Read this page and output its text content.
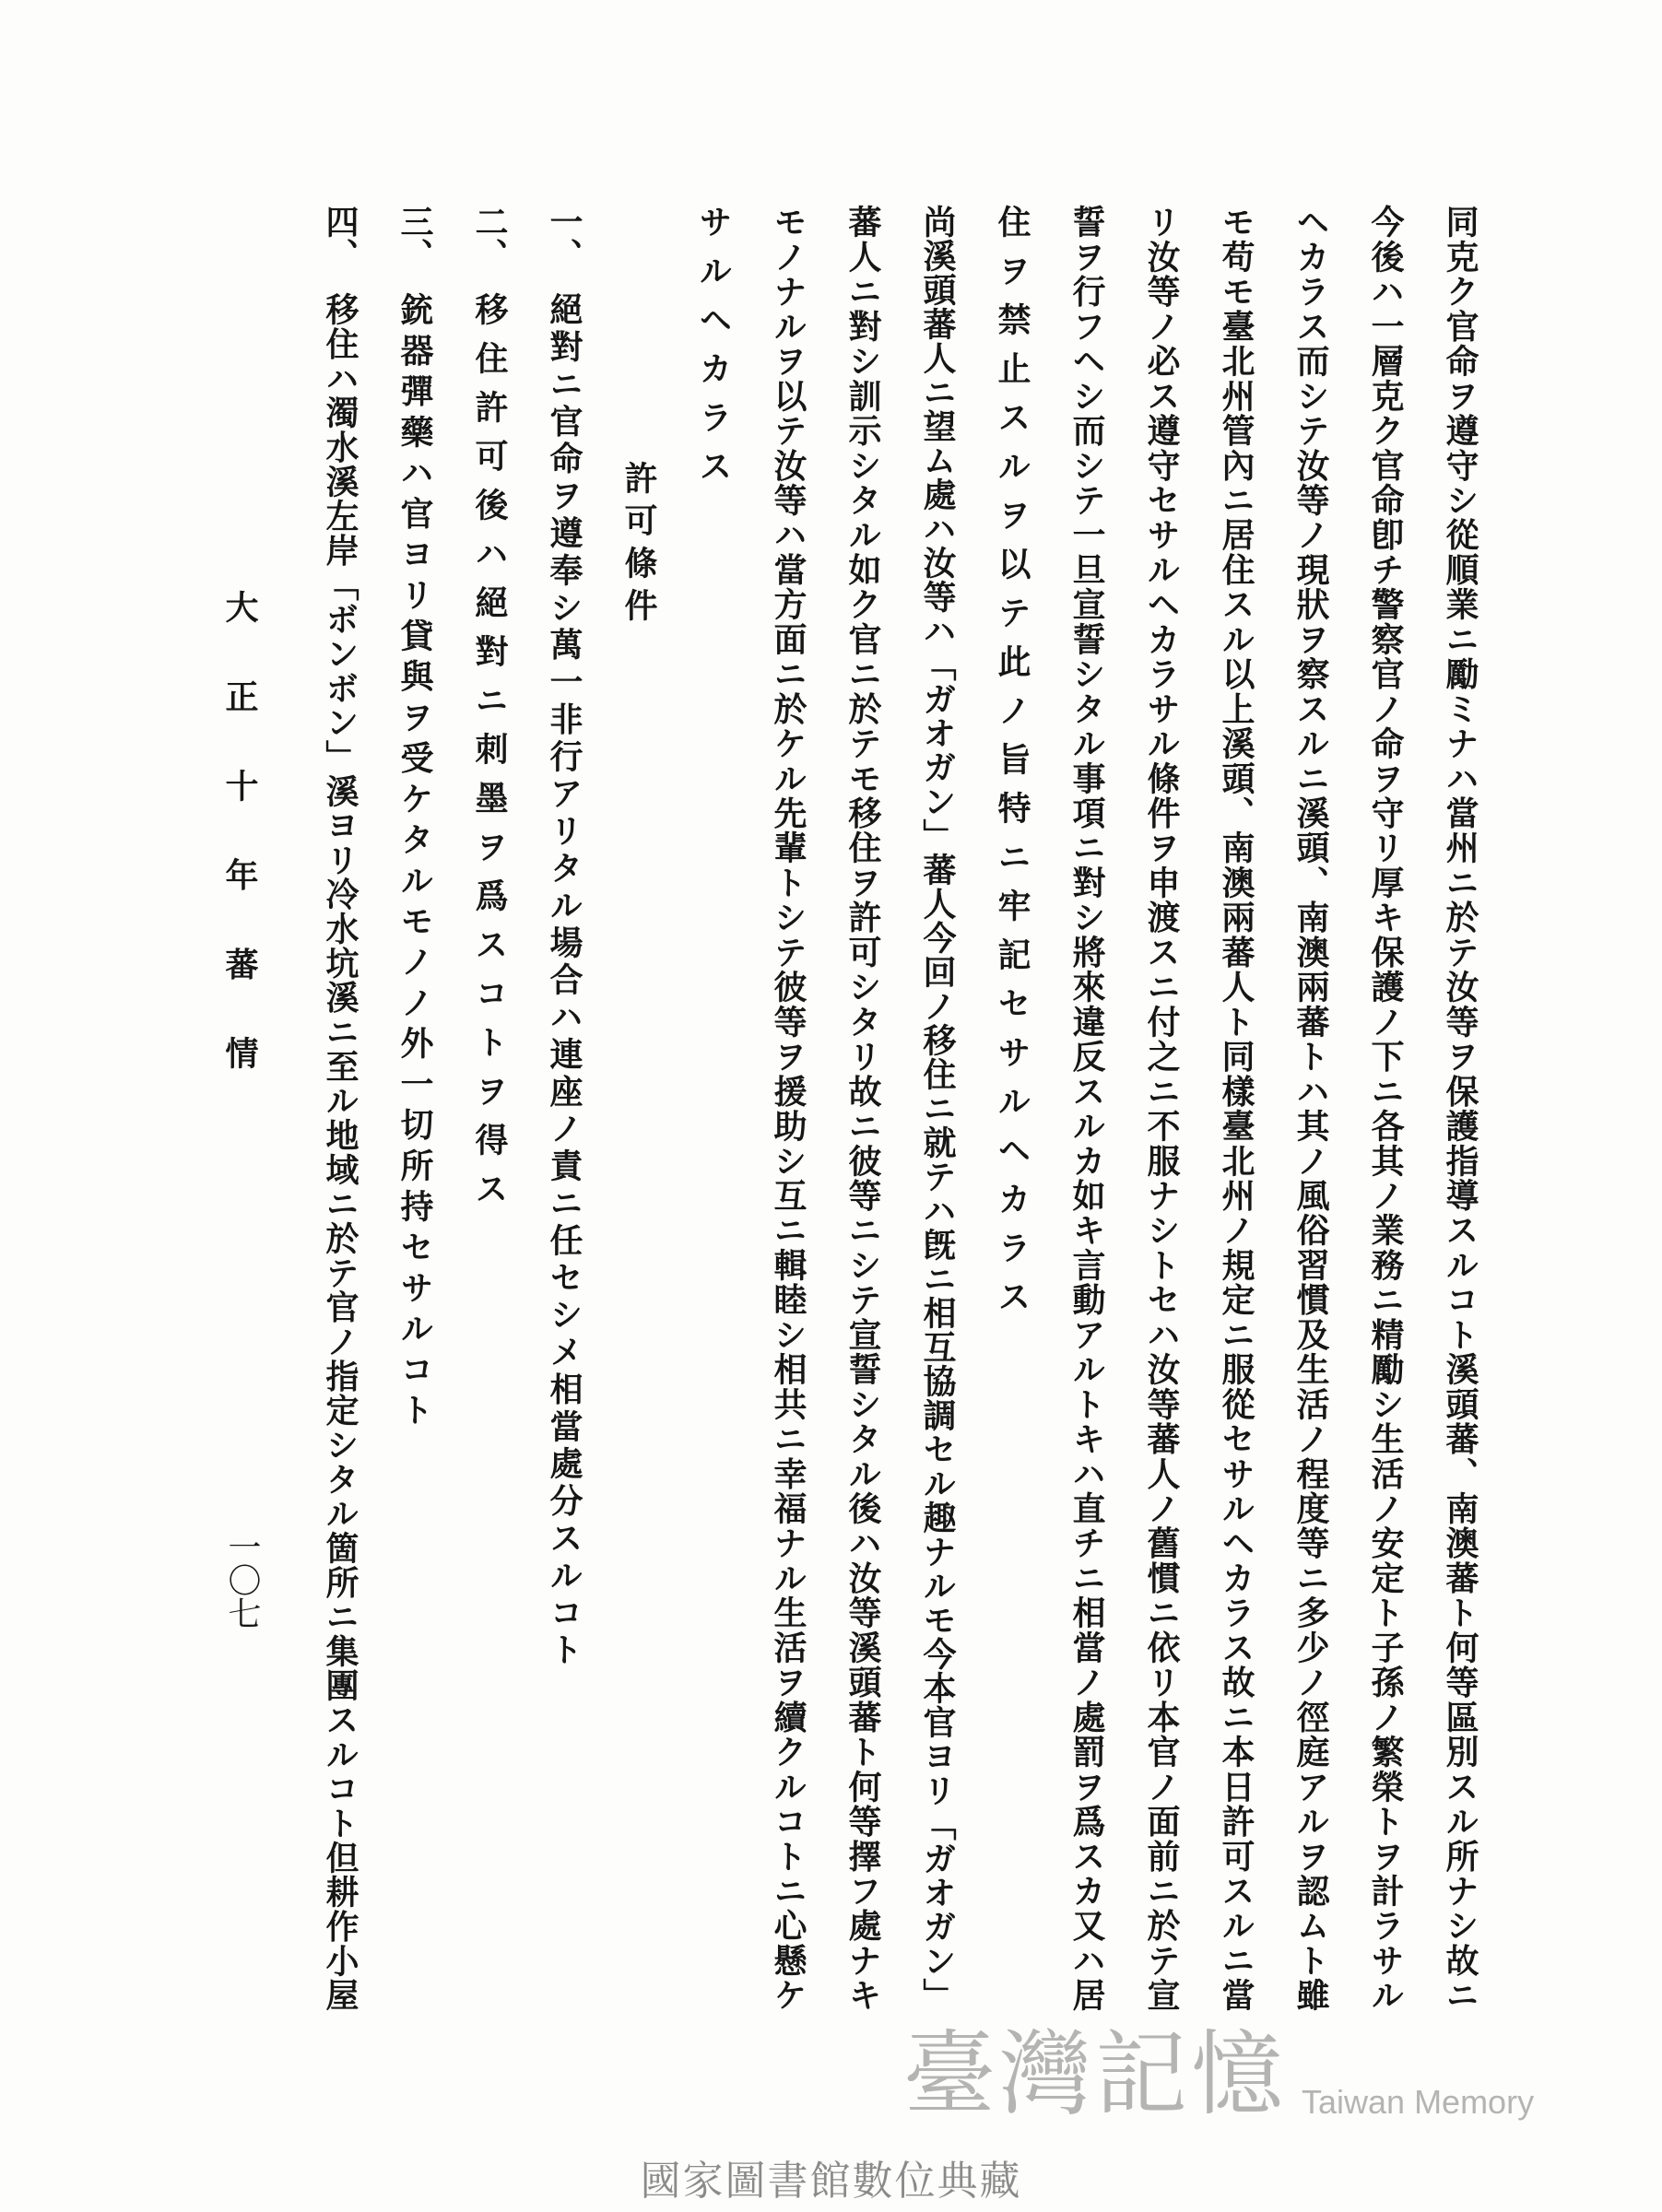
同克ク官命ヲ遵守シ從順業ニ勵ミナハ當州ニ於テ汝等ヲ保護指導スルコト溪頭蕃、南澳蕃ト何等區別スル所ナシ故ニ
今後ハ一層克ク官命卽チ警察官ノ命ヲ守リ厚キ保護ノ下ニ各其ノ業務ニ精勵シ生活ノ安定ト子孫ノ繁榮トヲ計ラサル
ヘカラス而シテ汝等ノ現狀ヲ察スルニ溪頭、南澳兩蕃トハ其ノ風俗習慣及生活ノ程度等ニ多少ノ徑庭アルヲ認ムト雖
モ苟モ臺北州管內ニ居住スル以上溪頭、南澳兩蕃人ト同樣臺北州ノ規定ニ服從セサルヘカラス故ニ本日許可スルニ當
リ汝等ノ必ス遵守セサルヘカラサル條件ヲ申渡スニ付之ニ不服ナシトセハ汝等蕃人ノ舊慣ニ依リ本官ノ面前ニ於テ宣
誓ヲ行フヘシ而シテ一旦宣誓シタル事項ニ對シ將來違反スルカ如キ言動アルトキハ直チニ相當ノ處罰ヲ爲スカ又ハ居
住ヲ禁止スルヲ以テ此ノ旨特ニ牢記セサルヘカラス
尚溪頭蕃人ニ望ム處ハ汝等ハ「ガオガン」蕃人今回ノ移住ニ就テハ旣ニ相互協調セル趣ナルモ今本官ヨリ「ガオガン」
蕃人ニ對シ訓示シタル如ク官ニ於テモ移住ヲ許可シタリ故ニ彼等ニシテ宣誓シタル後ハ汝等溪頭蕃ト何等擇フ處ナキ
モノナルヲ以テ汝等ハ當方面ニ於ケル先輩トシテ彼等ヲ援助シ互ニ輯睦シ相共ニ幸福ナル生活ヲ續クルコトニ心懸ケ
サルヘカラス
許可條件
一、
絕對ニ官命ヲ遵奉シ萬一非行アリタル場合ハ連座ノ責ニ任セシメ相當處分スルコト
二、
移住許可後ハ絕對ニ刺墨ヲ爲スコトヲ得ス
三、
銃器彈藥ハ官ヨリ貸與ヲ受ケタルモノノ外一切所持セサルコト
四、
移住ハ濁水溪左岸「ボンボン」溪ヨリ冷水坑溪ニ至ル地域ニ於テ官ノ指定シタル箇所ニ集團スルコト但耕作小屋
大正十年蕃情
一〇七
臺灣記憶 Taiwan Memory
國家圖書館數位典藏
